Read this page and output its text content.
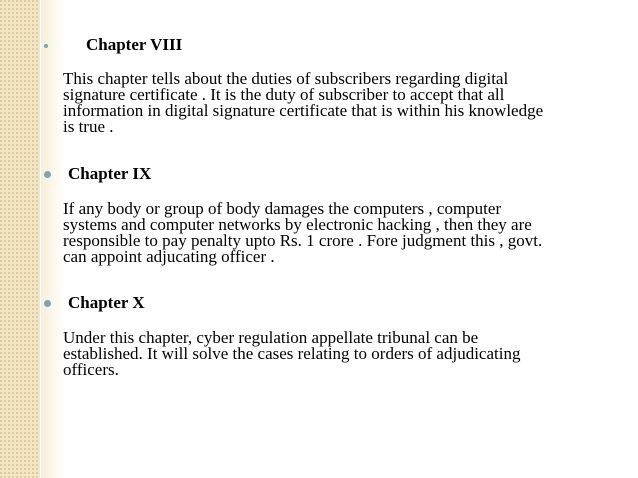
Chapter VIII
This chapter tells about the duties of subscribers regarding digital
signature certificate . It is the duty of subscriber to accept that all
information in digital signature certificate that is within his knowledge
is true .
Chapter IX
If any body or group of body damages the computers , computer
systems and computer networks by electronic hacking , then they are
responsible to pay penalty upto Rs. 1 crore . Fore judgment this , govt.
can appoint adjucating officer .
Chapter X
Under this chapter, cyber regulation appellate tribunal can be
established. It will solve the cases relating to orders of adjudicating
officers.
